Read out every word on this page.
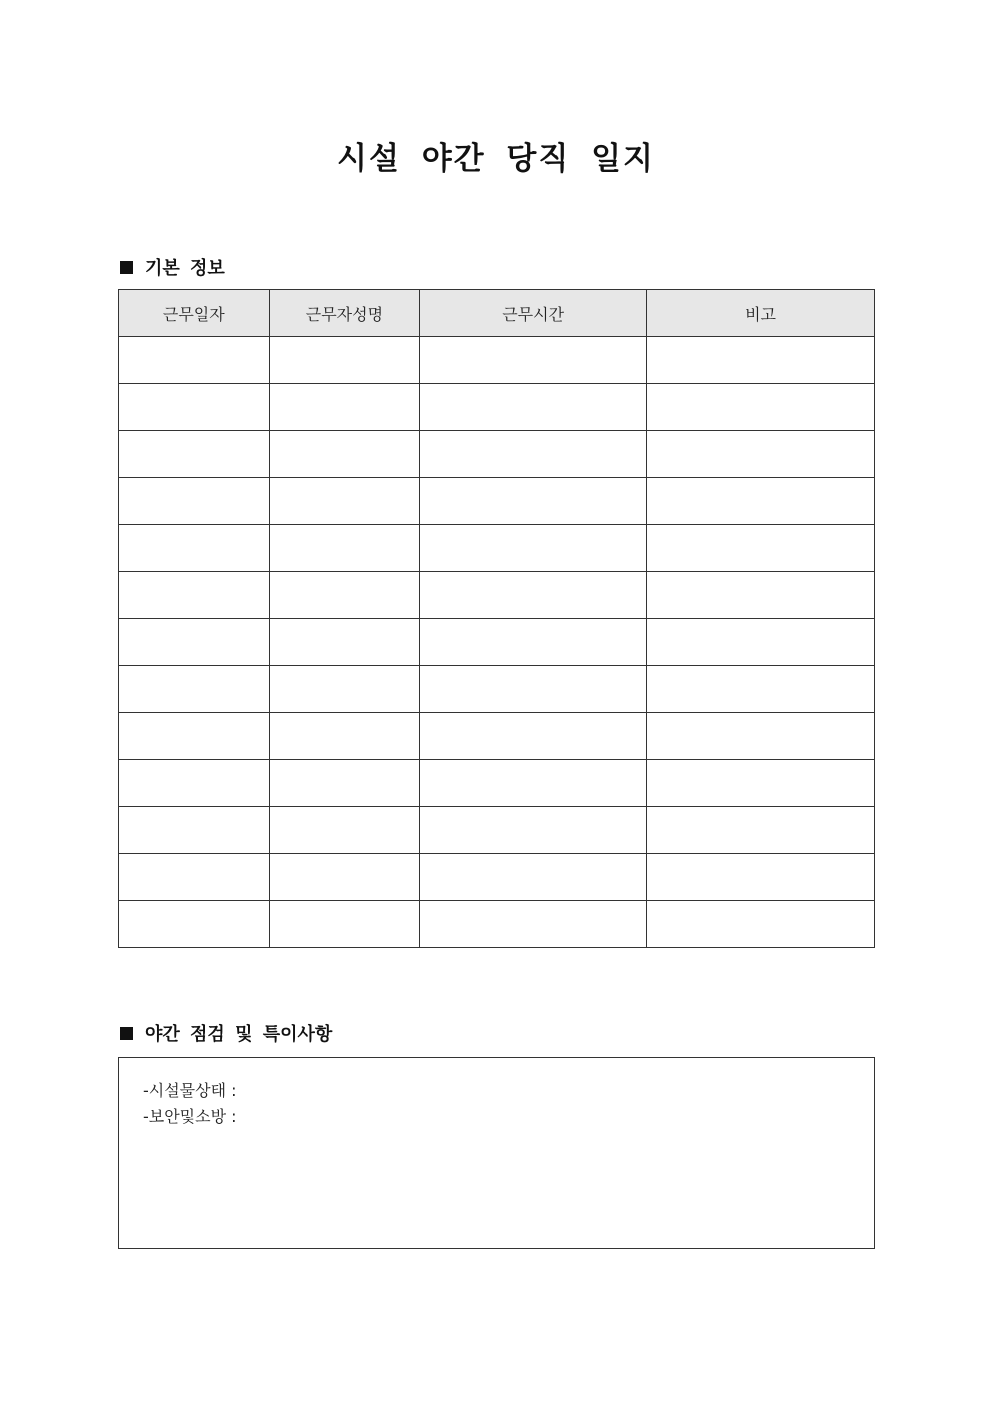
시설 야간 당직 일지
기본 정보
근무일자	근무자성명	근무시간	비고

야간 점검 및 특이사항
-시설물상태 :
-보안및소방 :
